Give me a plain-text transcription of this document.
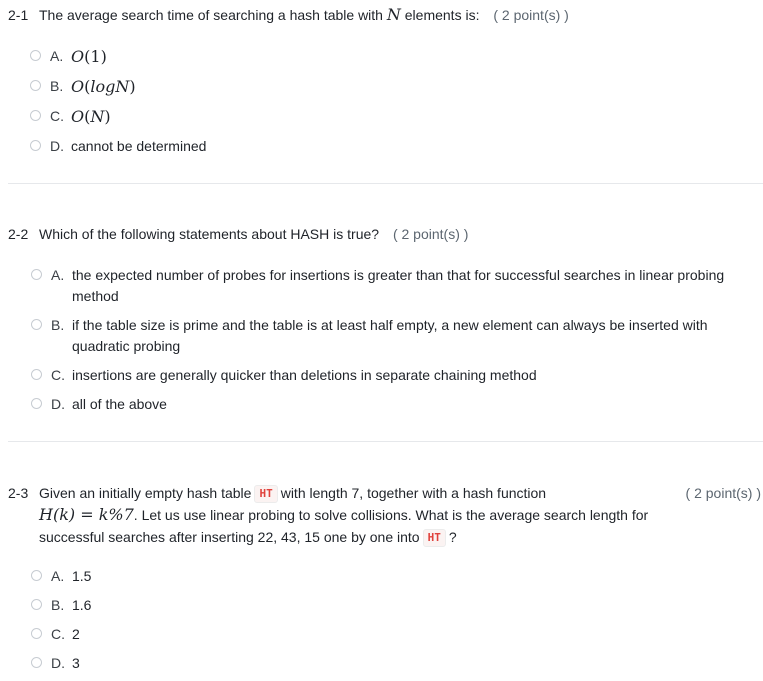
2-1 The average search time of searching a hash table with N elements is: ( 2 point(s) )
A. O(1)
B. O(logN)
C. O(N)
D. cannot be determined
2-2 Which of the following statements about HASH is true? ( 2 point(s) )
A. the expected number of probes for insertions is greater than that for successful searches in linear probing method
B. if the table size is prime and the table is at least half empty, a new element can always be inserted with quadratic probing
C. insertions are generally quicker than deletions in separate chaining method
D. all of the above
2-3 Given an initially empty hash table HT with length 7, together with a hash function
H(k) = k%7. Let us use linear probing to solve collisions. What is the average search length for
successful searches after inserting 22, 43, 15 one by one into HT ?
( 2 point(s) )
A. 1.5
B. 1.6
C. 2
D. 3
